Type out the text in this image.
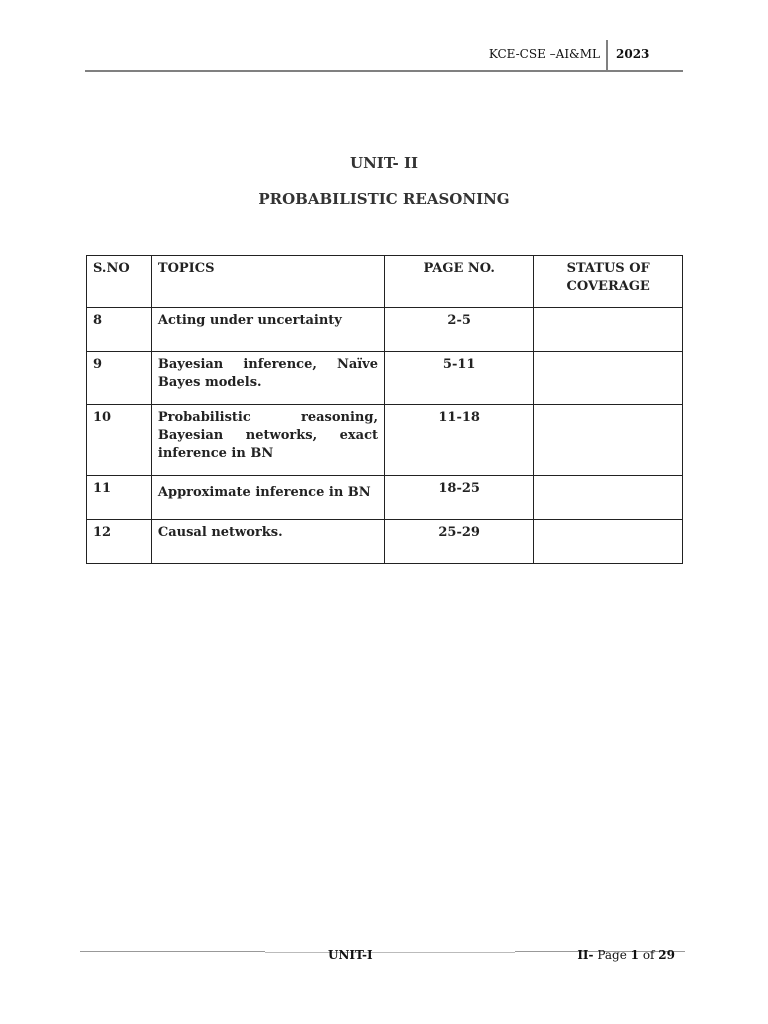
KCE-CSE –AI&ML 2023
UNIT- II
PROBABILISTIC REASONING
S.NO	TOPICS	PAGE NO.	STATUS OF
COVERAGE
8	Acting under uncertainty	2-5	
9	Bayesian inference, Naïve
Bayes models.	5-11	
10	Probabilistic reasoning,
Bayesian networks, exact
inference in BN	11-18	
11	Approximate inference in BN	18-25	
12	Causal networks.	25-29	
UNIT-I	II- Page 1 of 29
